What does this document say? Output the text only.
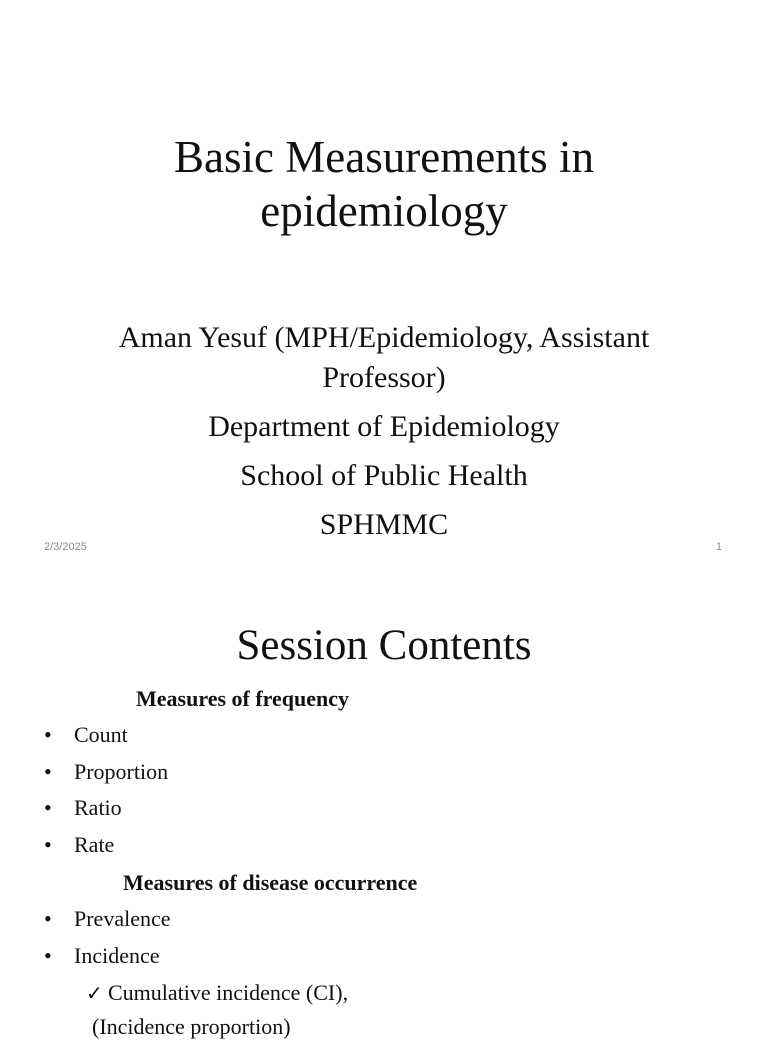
Basic Measurements in
epidemiology
Aman Yesuf (MPH/Epidemiology, Assistant
Professor)
Department of Epidemiology
School of Public Health
SPHMMC
2/3/2025	1
Session Contents
Measures of frequency
• Count
• Proportion
• Ratio
• Rate
Measures of disease occurrence
• Prevalence
• Incidence
✓ Cumulative incidence (CI),
(Incidence proportion)
